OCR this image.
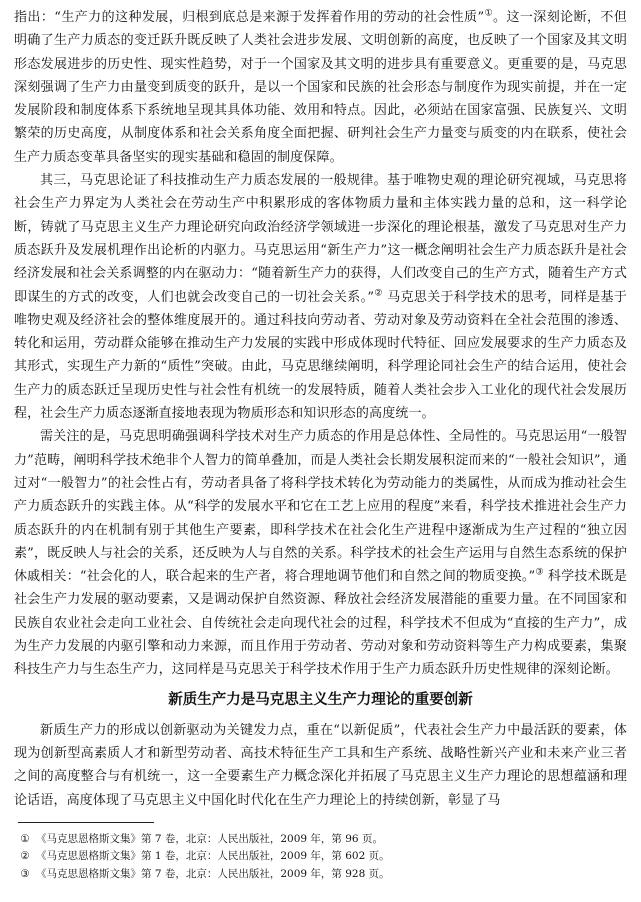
指出：“生产力的这种发展，归根到底总是来源于发挥着作用的劳动的社会性质”①。这一深刻论断，不但明确了生产力质态的变迁跃升既反映了人类社会进步发展、文明创新的高度，也反映了一个国家及其文明形态发展进步的历史性、现实性趋势，对于一个国家及其文明的进步具有重要意义。更重要的是，马克思深刻强调了生产力由量变到质变的跃升，是以一个国家和民族的社会形态与制度作为现实前提，并在一定发展阶段和制度体系下系统地呈现其具体功能、效用和特点。因此，必须站在国家富强、民族复兴、文明繁荣的历史高度，从制度体系和社会关系角度全面把握、研判社会生产力量变与质变的内在联系，使社会生产力质态变革具备坚实的现实基础和稳固的制度保障。

其三，马克思论证了科技推动生产力质态发展的一般规律。基于唯物史观的理论研究视域，马克思将社会生产力界定为人类社会在劳动生产中积累形成的客体物质力量和主体实践力量的总和，这一科学论断，铸就了马克思主义生产力理论研究向政治经济学领域进一步深化的理论根基，激发了马克思对生产力质态跃升及发展机理作出论析的内驱力。马克思运用“新生产力”这一概念阐明社会生产力质态跃升是社会经济发展和社会关系调整的内在驱动力：“随着新生产力的获得，人们改变自己的生产方式，随着生产方式即谋生的方式的改变，人们也就会改变自己的一切社会关系。”② 马克思关于科学技术的思考，同样是基于唯物史观及经济社会的整体维度展开的。通过科技向劳动者、劳动对象及劳动资料在全社会范围的渗透、转化和运用，劳动群众能够在推动生产力发展的实践中形成体现时代特征、回应发展要求的生产力质态及其形式，实现生产力新的“质性”突破。由此，马克思继续阐明，科学理论同社会生产的结合运用，使社会生产力的质态跃迁呈现历史性与社会性有机统一的发展特质，随着人类社会步入工业化的现代社会发展历程，社会生产力质态逐渐直接地表现为物质形态和知识形态的高度统一。

需关注的是，马克思明确强调科学技术对生产力质态的作用是总体性、全局性的。马克思运用“一般智力”范畴，阐明科学技术绝非个人智力的简单叠加，而是人类社会长期发展积淀而来的“一般社会知识”，通过对“一般智力”的社会性占有，劳动者具备了将科学技术转化为劳动能力的类属性，从而成为推动社会生产力质态跃升的实践主体。从“科学的发展水平和它在工艺上应用的程度”来看，科学技术推进社会生产力质态跃升的内在机制有别于其他生产要素，即科学技术在社会化生产进程中逐渐成为生产过程的“独立因素”，既反映人与社会的关系，还反映为人与自然的关系。科学技术的社会生产运用与自然生态系统的保护休戚相关：“社会化的人，联合起来的生产者，将合理地调节他们和自然之间的物质变换。”③ 科学技术既是社会生产力发展的驱动要素，又是调动保护自然资源、释放社会经济发展潜能的重要力量。在不同国家和民族自农业社会走向工业社会、自传统社会走向现代社会的过程，科学技术不但成为“直接的生产力”，成为生产力发展的内驱引擎和动力来源，而且作用于劳动者、劳动对象和劳动资料等生产力构成要素，集聚科技生产力与生态生产力，这同样是马克思关于科学技术作用于生产力质态跃升历史性规律的深刻论断。

新质生产力是马克思主义生产力理论的重要创新

新质生产力的形成以创新驱动为关键发力点，重在“以新促质”，代表社会生产力中最活跃的要素，体现为创新型高素质人才和新型劳动者、高技术特征生产工具和生产系统、战略性新兴产业和未来产业三者之间的高度整合与有机统一，这一全要素生产力概念深化并拓展了马克思主义生产力理论的思想蕴涵和理论话语，高度体现了马克思主义中国化时代化在生产力理论上的持续创新，彰显了马

① 《马克思恩格斯文集》第 7 卷，北京：人民出版社，2009 年，第 96 页。
② 《马克思恩格斯文集》第 1 卷，北京：人民出版社，2009 年，第 602 页。
③ 《马克思恩格斯文集》第 7 卷，北京：人民出版社，2009 年，第 928 页。
